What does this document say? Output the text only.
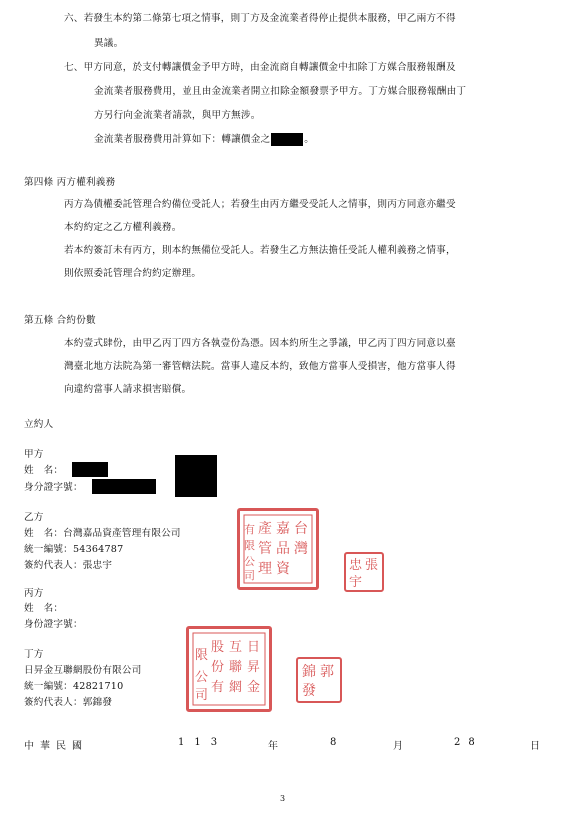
六、若發生本約第二條第七項之情事，則丁方及金流業者得停止提供本服務，甲乙兩方不得
異議。
七、甲方同意，於支付轉讓價金予甲方時，由金流商自轉讓價金中扣除丁方媒合服務報酬及
金流業者服務費用，並且由金流業者開立扣除金額發票予甲方。丁方媒合服務報酬由丁
方另行向金流業者請款，與甲方無涉。
金流業者服務費用計算如下：轉讓價金之	。
第四條 丙方權利義務
丙方為債權委託管理合約備位受託人；若發生由丙方繼受受託人之情事，則丙方同意亦繼受
本約約定之乙方權利義務。
若本約簽訂未有丙方，則本約無備位受託人。若發生乙方無法擔任受託人權利義務之情事，
則依照委託管理合約約定辦理。
第五條 合約份數
本約壹式肆份，由甲乙丙丁四方各執壹份為憑。因本約所生之爭議，甲乙丙丁四方同意以臺
灣臺北地方法院為第一審管轄法院。當事人違反本約，致他方當事人受損害，他方當事人得
向違約當事人請求損害賠償。
立約人
甲方
姓　名：
身分證字號：
乙方
姓　名：台灣嘉品資產管理有限公司
統一編號：54364787
簽約代表人：張忠宇
台
灣
嘉
品
資
產
管
理
有
限
公
司
張
忠
宇
丙方
姓　名：
身份證字號：
丁方
日昇金互聯網股份有限公司
統一編號：42821710
簽約代表人：郭錦發
日
昇
金
互
聯
網
股
份
有
限
公
司
郭
錦
發
中華民國	113	年	8	月	28	日
3
